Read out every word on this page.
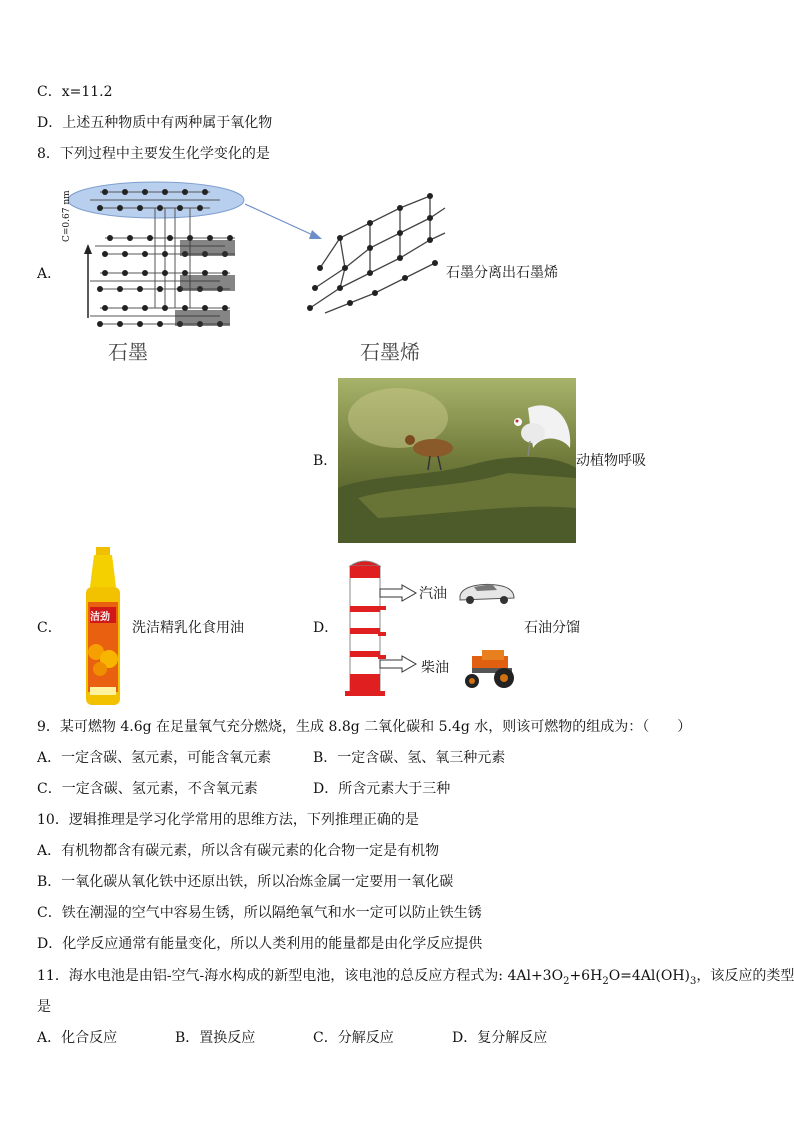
C．x=11.2
D．上述五种物质中有两种属于氧化物
8．下列过程中主要发生化学变化的是
A．
C=0.67 nm
石墨	石墨烯
石墨分离出石墨烯
B．	动植物呼吸
C．
洁劲
洗洁精乳化食用油	D．
汽油
柴油
石油分馏
9．某可燃物 4.6g 在足量氧气充分燃烧，生成 8.8g 二氧化碳和 5.4g 水，则该可燃物的组成为：（　　）
A．一定含碳、氢元素，可能含氧元素	B．一定含碳、氢、氧三种元素
C．一定含碳、氢元素，不含氧元素	D．所含元素大于三种
10．逻辑推理是学习化学常用的思维方法，下列推理正确的是
A．有机物都含有碳元素，所以含有碳元素的化合物一定是有机物
B．一氧化碳从氧化铁中还原出铁，所以冶炼金属一定要用一氧化碳
C．铁在潮湿的空气中容易生锈，所以隔绝氧气和水一定可以防止铁生锈
D．化学反应通常有能量变化，所以人类利用的能量都是由化学反应提供
11．海水电池是由铝-空气-海水构成的新型电池，该电池的总反应方程式为: $4Al+3O_2+6H_2O=4Al(OH)_3$，该反应的类型
是
A．化合反应	B．置换反应	C．分解反应	D．复分解反应
